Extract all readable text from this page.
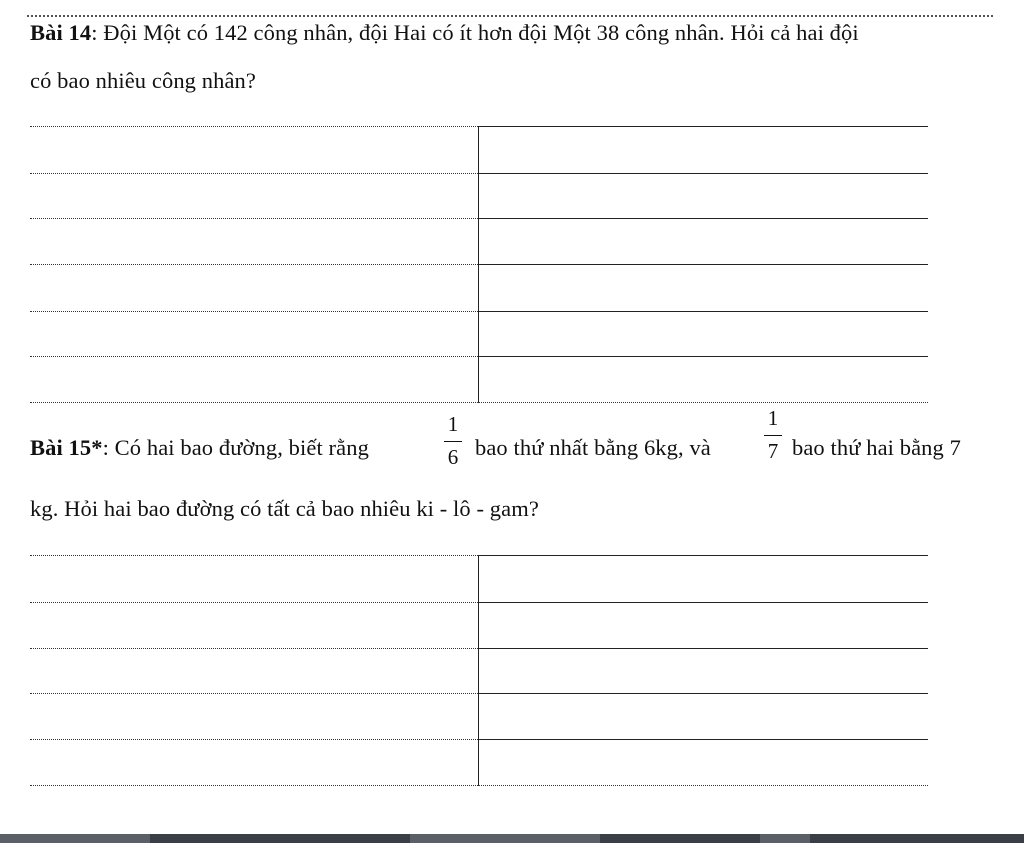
Bài 14: Đội Một có 142 công nhân, đội Hai có ít hơn đội Một 38 công nhân. Hỏi cả hai đội
có bao nhiêu công nhân?
Bài 15*: Có hai bao đường, biết rằng
1
6 bao thứ nhất bằng 6kg, và
1
7 bao thứ hai bằng 7
kg. Hỏi hai bao đường có tất cả bao nhiêu ki - lô - gam?
